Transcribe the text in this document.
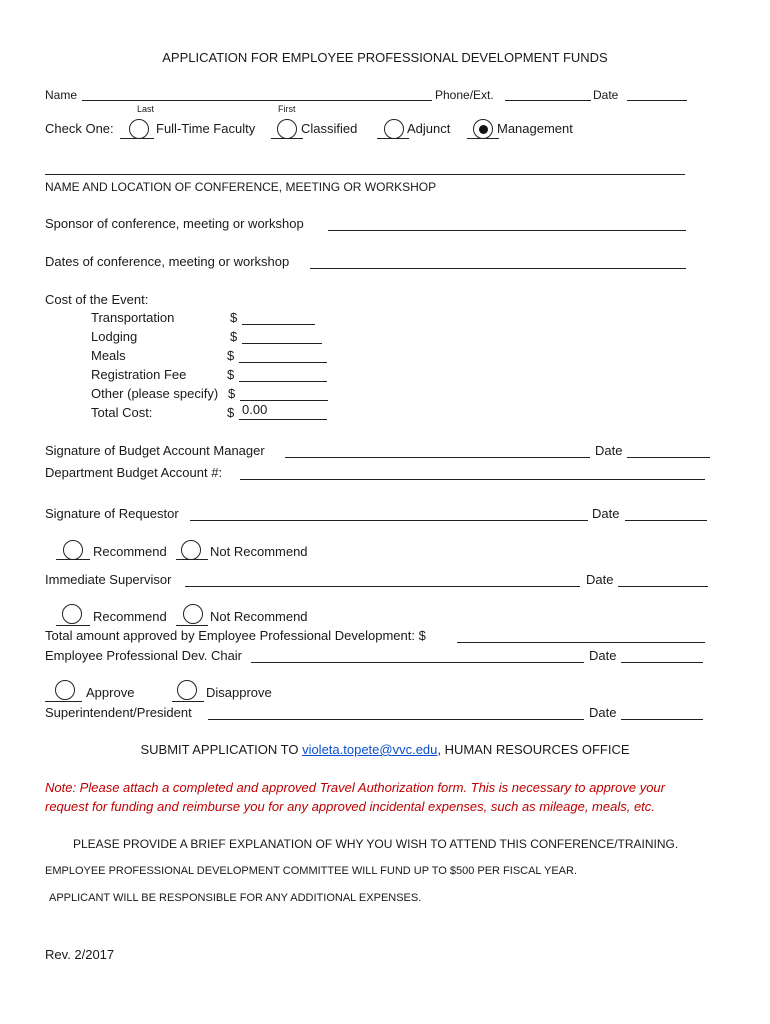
APPLICATION FOR EMPLOYEE PROFESSIONAL DEVELOPMENT FUNDS
Name
Last	First
Phone/Ext.	Date
Check One:	Full-Time Faculty	Classified	Adjunct	Management
NAME AND LOCATION OF CONFERENCE, MEETING OR WORKSHOP
Sponsor of conference, meeting or workshop
Dates of conference, meeting or workshop
Cost of the Event:
Transportation	$
Lodging	$
Meals	$
Registration Fee	$
Other (please specify) $
Total Cost:	$ 0.00
Signature of Budget Account Manager	Date
Department Budget Account #:
Signature of Requestor	Date
Recommend	Not Recommend
Immediate Supervisor	Date
Recommend	Not Recommend
Total amount approved by Employee Professional Development: $
Employee Professional Dev. Chair	Date
Approve	Disapprove
Superintendent/President	Date
SUBMIT APPLICATION TO violeta.topete@vvc.edu, HUMAN RESOURCES OFFICE
Note: Please attach a completed and approved Travel Authorization form. This is necessary to approve your
request for funding and reimburse you for any approved incidental expenses, such as mileage, meals, etc.
PLEASE PROVIDE A BRIEF EXPLANATION OF WHY YOU WISH TO ATTEND THIS CONFERENCE/TRAINING.
EMPLOYEE PROFESSIONAL DEVELOPMENT COMMITTEE WILL FUND UP TO $500 PER FISCAL YEAR.
APPLICANT WILL BE RESPONSIBLE FOR ANY ADDITIONAL EXPENSES.
Rev. 2/2017
